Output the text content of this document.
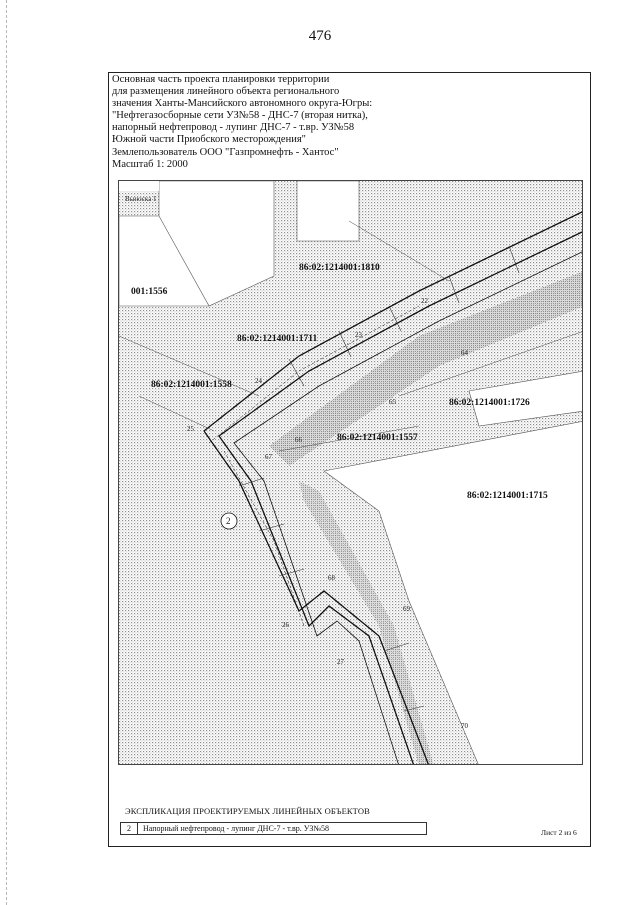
476
Основная часть проекта планировки территории
для размещения линейного объекта регионального
значения Ханты-Мансийского автономного округа-Югры:
"Нефтегазосборные сети УЗ№58 - ДНС-7 (вторая нитка),
напорный нефтепровод - лупинг ДНС-7 - т.вр. УЗ№58
Южной части Приобского месторождения"
Землепользователь ООО "Газпромнефть - Хантос"
Масштаб 1: 2000
Выноска 1
86:02:1214001:1810
001:1556
86:02:1214001:1711
86:02:1214001:1558
86:02:1214001:1726
86:02:1214001:1557
86:02:1214001:1715
22
23
24
25
26
27
64
65
66
67
68
69
70
2
ЭКСПЛИКАЦИЯ ПРОЕКТИРУЕМЫХ ЛИНЕЙНЫХ ОБЪЕКТОВ
2	Напорный нефтепровод - лупинг ДНС-7 - т.вр. УЗ№58	Лист 2 из 6
